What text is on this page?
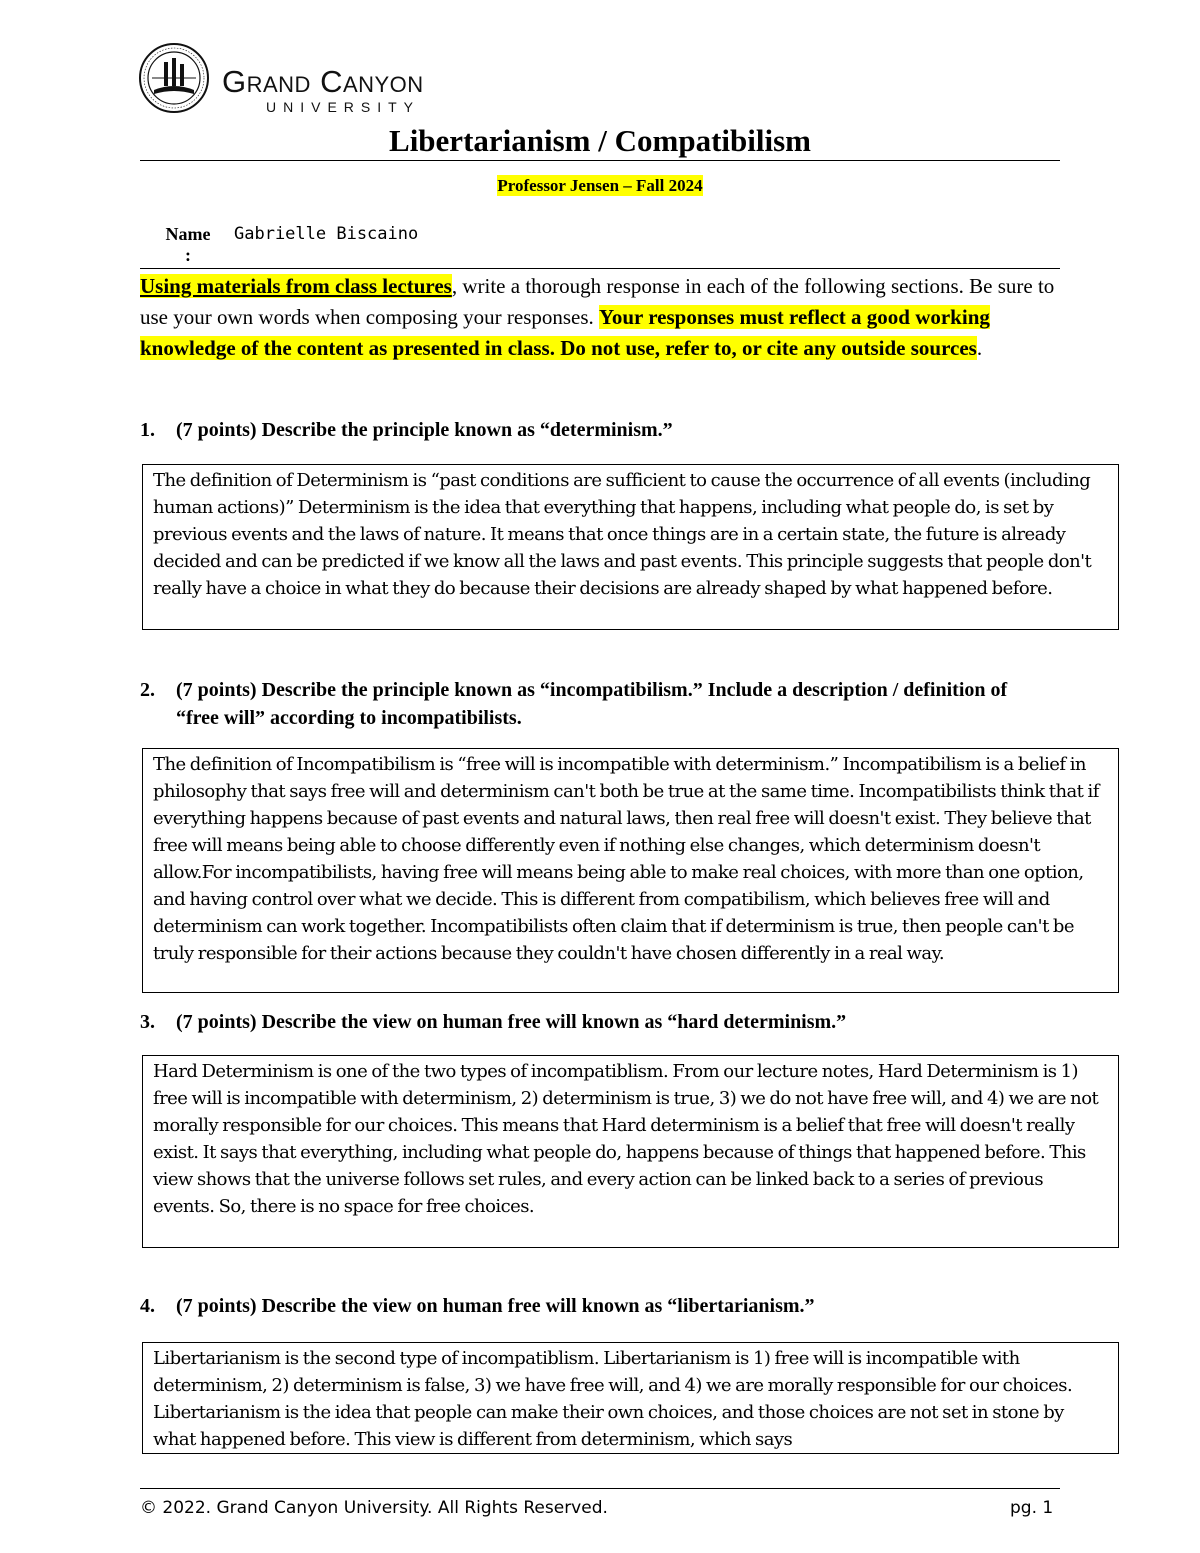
Grand Canyon
UNIVERSITY
Libertarianism / Compatibilism
Professor Jensen – Fall 2024
Name
:
Gabrielle Biscaino
Using materials from class lectures, write a thorough response in each of the following sections. Be sure to use your own words when composing your responses. Your responses must reflect a good working knowledge of the content as presented in class. Do not use, refer to, or cite any outside sources.
1.	(7 points) Describe the principle known as “determinism.”
The definition of Determinism is “past conditions are sufficient to cause the occurrence of all events (including human actions)” Determinism is the idea that everything that happens, including what people do, is set by previous events and the laws of nature. It means that once things are in a certain state, the future is already decided and can be predicted if we know all the laws and past events. This principle suggests that people don't really have a choice in what they do because their decisions are already shaped by what happened before.
2.	(7 points) Describe the principle known as “incompatibilism.” Include a description / definition of “free will” according to incompatibilists.
The definition of Incompatibilism is “free will is incompatible with determinism.” Incompatibilism is a belief in philosophy that says free will and determinism can't both be true at the same time. Incompatibilists think that if everything happens because of past events and natural laws, then real free will doesn't exist. They believe that free will means being able to choose differently even if nothing else changes, which determinism doesn't allow.For incompatibilists, having free will means being able to make real choices, with more than one option, and having control over what we decide. This is different from compatibilism, which believes free will and determinism can work together. Incompatibilists often claim that if determinism is true, then people can't be truly responsible for their actions because they couldn't have chosen differently in a real way.
3.	(7 points) Describe the view on human free will known as “hard determinism.”
Hard Determinism is one of the two types of incompatiblism. From our lecture notes, Hard Determinism is 1) free will is incompatible with determinism, 2) determinism is true, 3) we do not have free will, and 4) we are not morally responsible for our choices. This means that Hard determinism is a belief that free will doesn't really exist. It says that everything, including what people do, happens because of things that happened before. This view shows that the universe follows set rules, and every action can be linked back to a series of previous events. So, there is no space for free choices.
4.	(7 points) Describe the view on human free will known as “libertarianism.”
Libertarianism is the second type of incompatiblism. Libertarianism is 1) free will is incompatible with determinism, 2) determinism is false, 3) we have free will, and 4) we are morally responsible for our choices. Libertarianism is the idea that people can make their own choices, and those choices are not set in stone by what happened before. This view is different from determinism, which says
© 2022. Grand Canyon University. All Rights Reserved.	pg. 1
